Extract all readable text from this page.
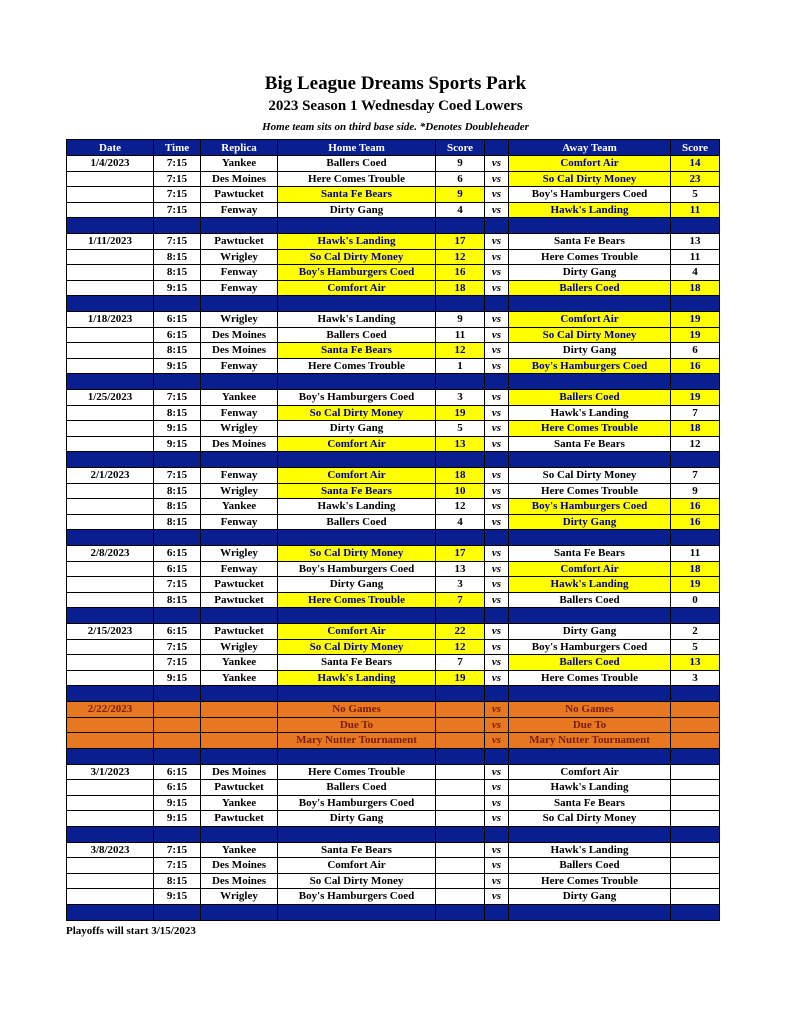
Big League Dreams Sports Park
2023 Season 1 Wednesday Coed Lowers
Home team sits on third base side. *Denotes Doubleheader
Date	Time	Replica	Home Team	Score		Away Team	Score
1/4/2023	7:15	Yankee	Ballers Coed	9	vs	Comfort Air	14
	7:15	Des Moines	Here Comes Trouble	6	vs	So Cal Dirty Money	23
	7:15	Pawtucket	Santa Fe Bears	9	vs	Boy's Hamburgers Coed	5
	7:15	Fenway	Dirty Gang	4	vs	Hawk's Landing	11

1/11/2023	7:15	Pawtucket	Hawk's Landing	17	vs	Santa Fe Bears	13
	8:15	Wrigley	So Cal Dirty Money	12	vs	Here Comes Trouble	11
	8:15	Fenway	Boy's Hamburgers Coed	16	vs	Dirty Gang	4
	9:15	Fenway	Comfort Air	18	vs	Ballers Coed	18

1/18/2023	6:15	Wrigley	Hawk's Landing	9	vs	Comfort Air	19
	6:15	Des Moines	Ballers Coed	11	vs	So Cal Dirty Money	19
	8:15	Des Moines	Santa Fe Bears	12	vs	Dirty Gang	6
	9:15	Fenway	Here Comes Trouble	1	vs	Boy's Hamburgers Coed	16

1/25/2023	7:15	Yankee	Boy's Hamburgers Coed	3	vs	Ballers Coed	19
	8:15	Fenway	So Cal Dirty Money	19	vs	Hawk's Landing	7
	9:15	Wrigley	Dirty Gang	5	vs	Here Comes Trouble	18
	9:15	Des Moines	Comfort Air	13	vs	Santa Fe Bears	12

2/1/2023	7:15	Fenway	Comfort Air	18	vs	So Cal Dirty Money	7
	8:15	Wrigley	Santa Fe Bears	10	vs	Here Comes Trouble	9
	8:15	Yankee	Hawk's Landing	12	vs	Boy's Hamburgers Coed	16
	8:15	Fenway	Ballers Coed	4	vs	Dirty Gang	16

2/8/2023	6:15	Wrigley	So Cal Dirty Money	17	vs	Santa Fe Bears	11
	6:15	Fenway	Boy's Hamburgers Coed	13	vs	Comfort Air	18
	7:15	Pawtucket	Dirty Gang	3	vs	Hawk's Landing	19
	8:15	Pawtucket	Here Comes Trouble	7	vs	Ballers Coed	0

2/15/2023	6:15	Pawtucket	Comfort Air	22	vs	Dirty Gang	2
	7:15	Wrigley	So Cal Dirty Money	12	vs	Boy's Hamburgers Coed	5
	7:15	Yankee	Santa Fe Bears	7	vs	Ballers Coed	13
	9:15	Yankee	Hawk's Landing	19	vs	Here Comes Trouble	3

2/22/2023			No Games		vs	No Games	
			Due To		vs	Due To	
			Mary Nutter Tournament		vs	Mary Nutter Tournament	

3/1/2023	6:15	Des Moines	Here Comes Trouble		vs	Comfort Air	
	6:15	Pawtucket	Ballers Coed		vs	Hawk's Landing	
	9:15	Yankee	Boy's Hamburgers Coed		vs	Santa Fe Bears	
	9:15	Pawtucket	Dirty Gang		vs	So Cal Dirty Money	

3/8/2023	7:15	Yankee	Santa Fe Bears		vs	Hawk's Landing	
	7:15	Des Moines	Comfort Air		vs	Ballers Coed	
	8:15	Des Moines	So Cal Dirty Money		vs	Here Comes Trouble	
	9:15	Wrigley	Boy's Hamburgers Coed		vs	Dirty Gang	

Playoffs will start 3/15/2023
